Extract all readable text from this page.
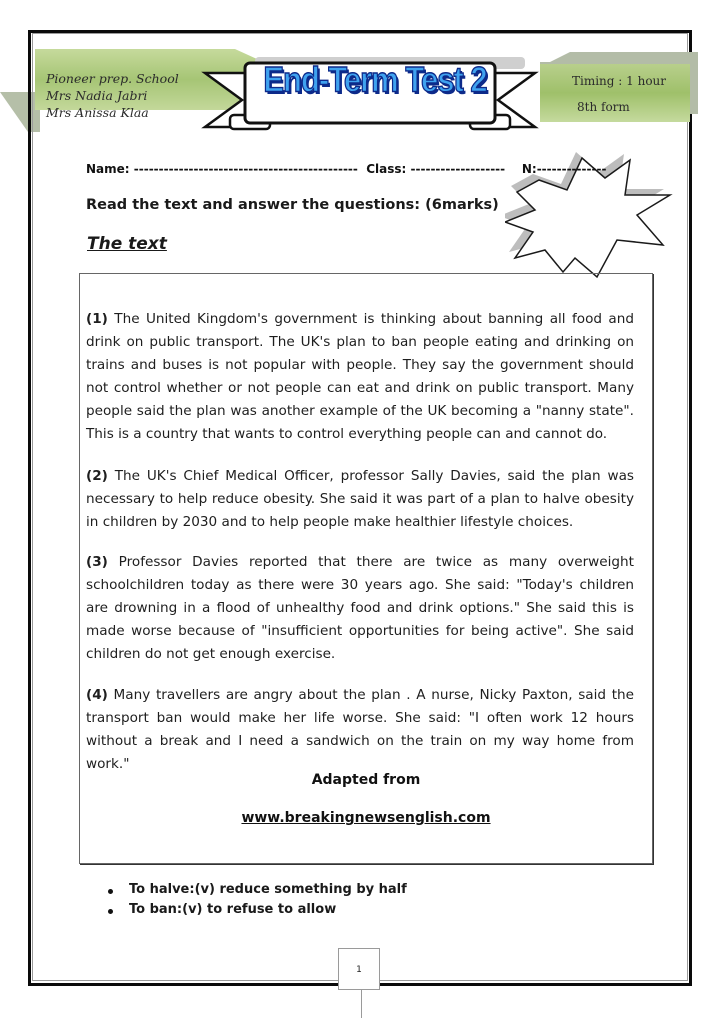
End-Term Test 2
Pioneer prep. School
Mrs Nadia Jabri
Mrs Anissa Klaa
Timing : 1 hour
8th form
Name: ---------------------------------------------  Class: -------------------    N:--------------
Read the text and answer the questions: (6marks)
The text
(1) The United Kingdom's government is thinking about banning all food and drink on public transport. The UK's plan to ban people eating and drinking on trains and buses is not popular with people. They say the government should not control whether or not people can eat and drink on public transport. Many people said the plan was another example of the UK becoming a "nanny state". This is a country that wants to control everything people can and cannot do.
(2) The UK's Chief Medical Officer, professor Sally Davies, said the plan was necessary to help reduce obesity. She said it was part of a plan to halve obesity in children by 2030 and to help people make healthier lifestyle choices.
(3) Professor Davies reported that there are twice as many overweight schoolchildren today as there were 30 years ago. She said: "Today's children are drowning in a flood of unhealthy food and drink options." She said this is made worse because of "insufficient opportunities for being active". She said children do not get enough exercise.
(4) Many travellers are angry about the plan . A nurse, Nicky Paxton, said the transport ban would make her life worse. She said: "I often work 12 hours without a break and I need a sandwich on the train on my way home from work."
Adapted from
www.breakingnewsenglish.com
To halve:(v) reduce something by half
To ban:(v) to refuse to allow
1
